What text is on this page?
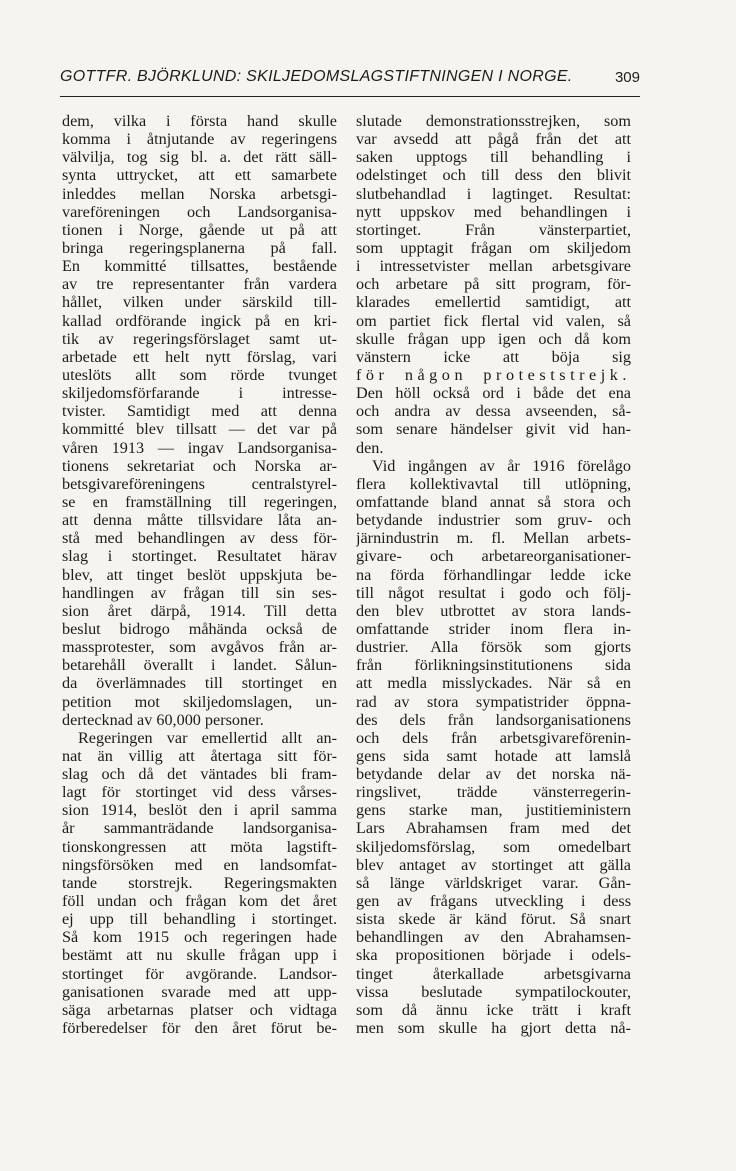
GOTTFR. BJÖRKLUND: SKILJEDOMSLAGSTIFTNINGEN I NORGE.	309
dem, vilka i första hand skulle
komma i åtnjutande av regeringens
välvilja, tog sig bl. a. det rätt säll-
synta uttrycket, att ett samarbete
inleddes mellan Norska arbetsgi-
vareföreningen och Landsorganisa-
tionen i Norge, gående ut på att
bringa regeringsplanerna på fall.
En kommitté tillsattes, bestående
av tre representanter från vardera
hållet, vilken under särskild till-
kallad ordförande ingick på en kri-
tik av regeringsförslaget samt ut-
arbetade ett helt nytt förslag, vari
uteslöts allt som rörde tvunget
skiljedomsförfarande i intresse-
tvister. Samtidigt med att denna
kommitté blev tillsatt — det var på
våren 1913 — ingav Landsorganisa-
tionens sekretariat och Norska ar-
betsgivareföreningens centralstyrel-
se en framställning till regeringen,
att denna måtte tillsvidare låta an-
stå med behandlingen av dess för-
slag i stortinget. Resultatet härav
blev, att tinget beslöt uppskjuta be-
handlingen av frågan till sin ses-
sion året därpå, 1914. Till detta
beslut bidrogo måhända också de
massprotester, som avgåvos från ar-
betarehåll överallt i landet. Sålun-
da överlämnades till stortinget en
petition mot skiljedomslagen, un-
dertecknad av 60,000 personer.
Regeringen var emellertid allt an-
nat än villig att återtaga sitt för-
slag och då det väntades bli fram-
lagt för stortinget vid dess vårses-
sion 1914, beslöt den i april samma
år sammanträdande landsorganisa-
tionskongressen att möta lagstift-
ningsförsöken med en landsomfat-
tande storstrejk. Regeringsmakten
föll undan och frågan kom det året
ej upp till behandling i stortinget.
Så kom 1915 och regeringen hade
bestämt att nu skulle frågan upp i
stortinget för avgörande. Landsor-
ganisationen svarade med att upp-
säga arbetarnas platser och vidtaga
förberedelser för den året förut be-
slutade demonstrationsstrejken, som
var avsedd att pågå från det att
saken upptogs till behandling i
odelstinget och till dess den blivit
slutbehandlad i lagtinget. Resultat:
nytt uppskov med behandlingen i
stortinget. Från vänsterpartiet,
som upptagit frågan om skiljedom
i intressetvister mellan arbetsgivare
och arbetare på sitt program, för-
klarades emellertid samtidigt, att
om partiet fick flertal vid valen, så
skulle frågan upp igen och då kom
vänstern icke att böja sig
för någon proteststrejk.
Den höll också ord i både det ena
och andra av dessa avseenden, så-
som senare händelser givit vid han-
den.
Vid ingången av år 1916 förelågo
flera kollektivavtal till utlöpning,
omfattande bland annat så stora och
betydande industrier som gruv- och
järnindustrin m. fl. Mellan arbets-
givare- och arbetareorganisationer-
na förda förhandlingar ledde icke
till något resultat i godo och följ-
den blev utbrottet av stora lands-
omfattande strider inom flera in-
dustrier. Alla försök som gjorts
från förlikningsinstitutionens sida
att medla misslyckades. När så en
rad av stora sympatistrider öppna-
des dels från landsorganisationens
och dels från arbetsgivareförenin-
gens sida samt hotade att lamslå
betydande delar av det norska nä-
ringslivet, trädde vänsterregerin-
gens starke man, justitieministern
Lars Abrahamsen fram med det
skiljedomsförslag, som omedelbart
blev antaget av stortinget att gälla
så länge världskriget varar. Gån-
gen av frågans utveckling i dess
sista skede är känd förut. Så snart
behandlingen av den Abrahamsen-
ska propositionen började i odels-
tinget återkallade arbetsgivarna
vissa beslutade sympatilockouter,
som då ännu icke trätt i kraft
men som skulle ha gjort detta nå-
